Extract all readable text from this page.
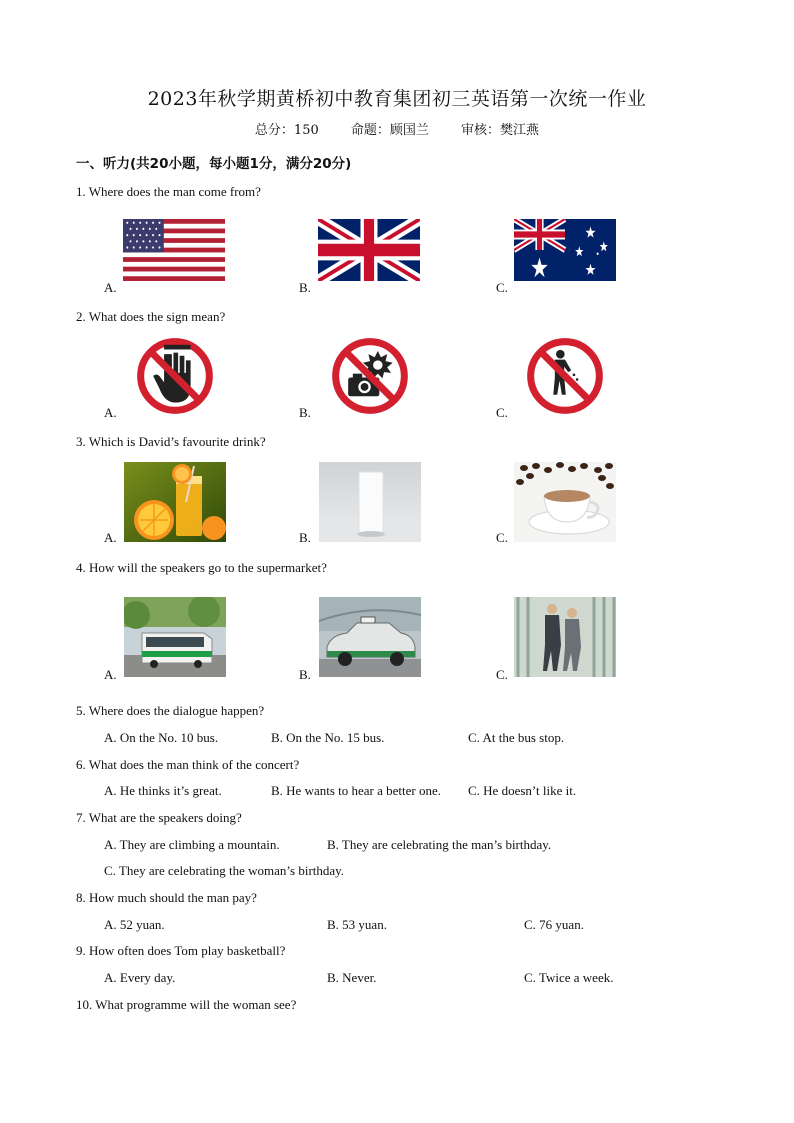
2023年秋学期黄桥初中教育集团初三英语第一次统一作业
总分：150 命题：顾国兰 审核：樊江燕
一、听力(共20小题，每小题1分，满分20分)
1. Where does the man come from?
A.	B.	C.
2. What does the sign mean?
A.	B.	C.
3. Which is David’s favourite drink?
A.	B.	C.
4. How will the speakers go to the supermarket?
A.	B.	C.
5. Where does the dialogue happen?
A. On the No. 10 bus.	B. On the No. 15 bus.	C. At the bus stop.
6. What does the man think of the concert?
A. He thinks it’s great.	B. He wants to hear a better one. C. He doesn’t like it.
7. What are the speakers doing?
A. They are climbing a mountain.	B. They are celebrating the man’s birthday.
C. They are celebrating the woman’s birthday.
8. How much should the man pay?
A. 52 yuan.	B. 53 yuan.	C. 76 yuan.
9. How often does Tom play basketball?
A. Every day.	B. Never.	C. Twice a week.
10. What programme will the woman see?
